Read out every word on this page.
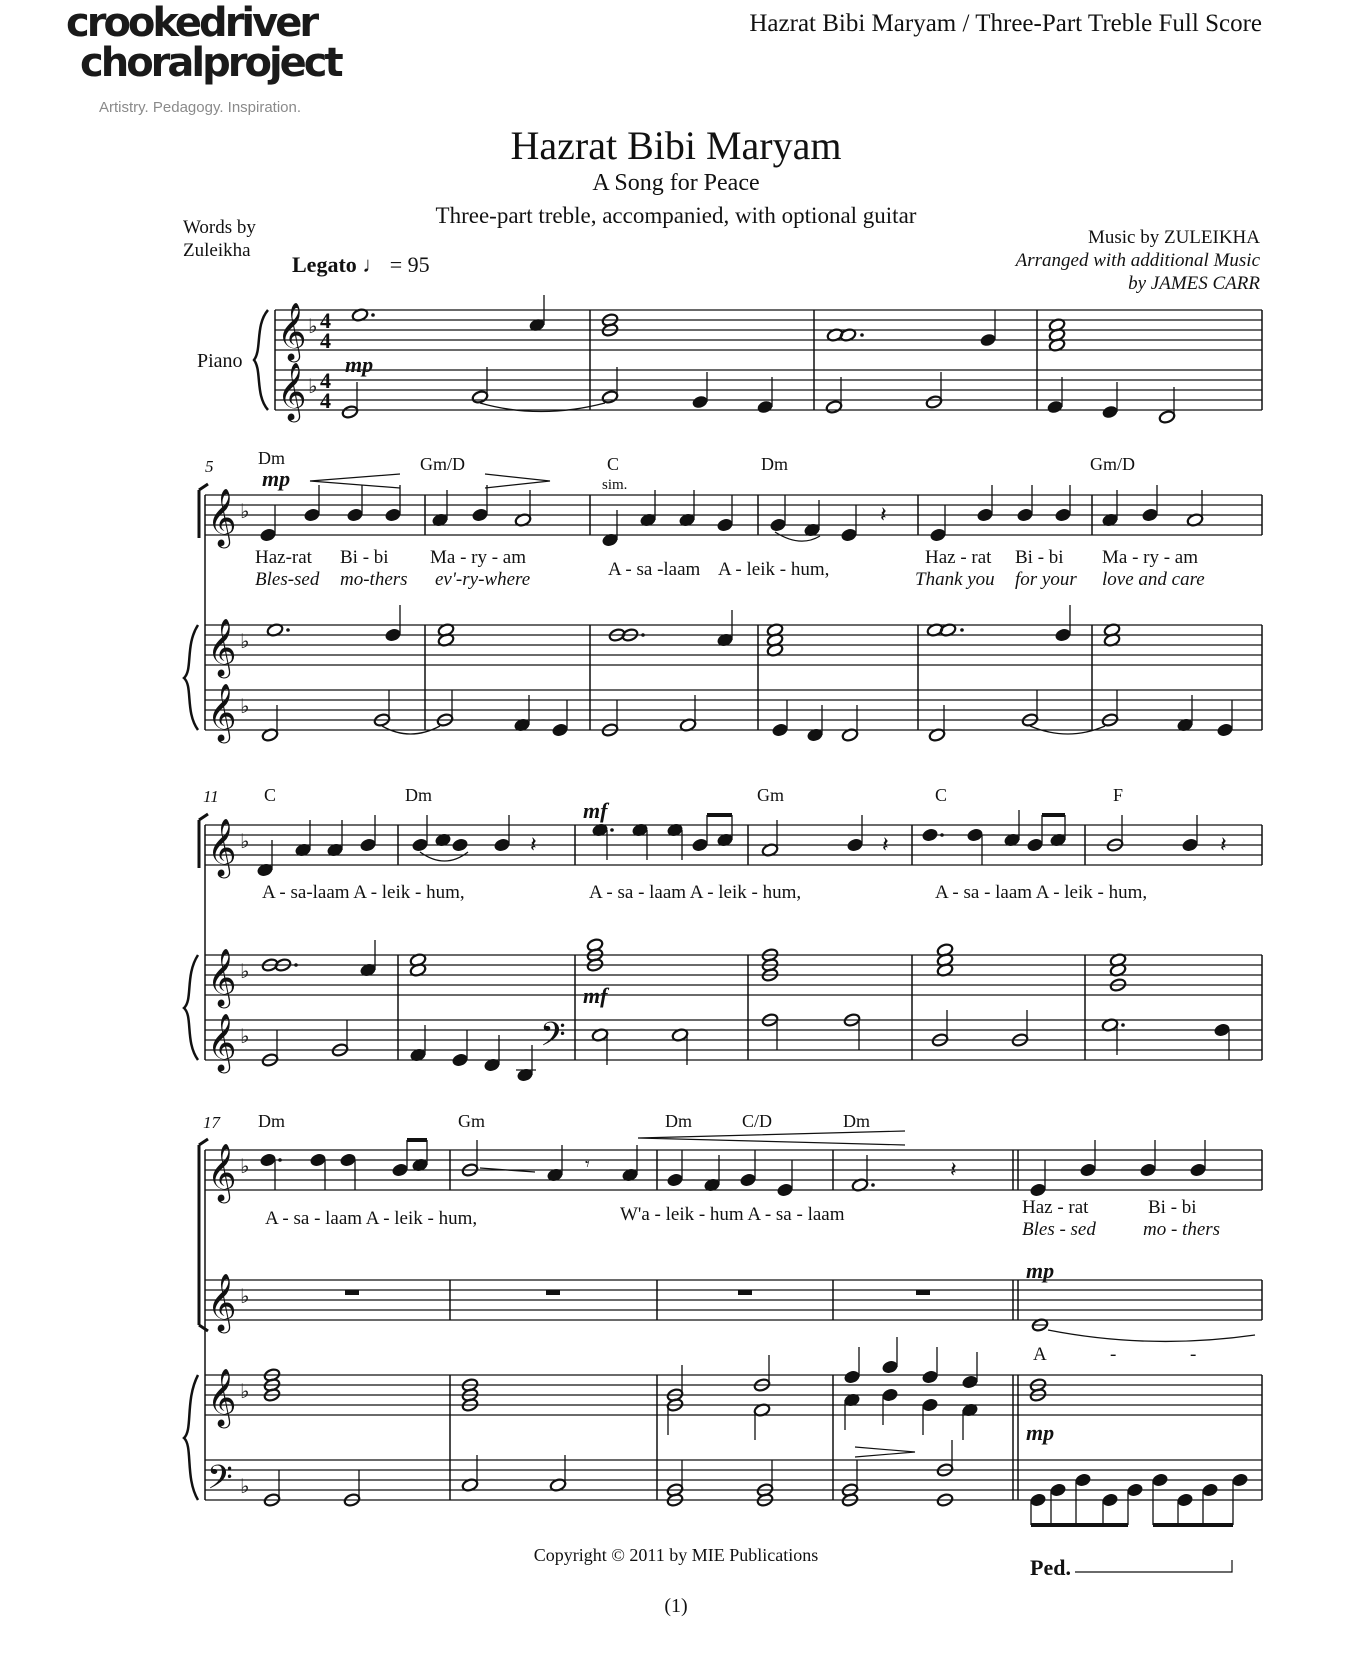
crookedriver
choralproject
Artistry. Pedagogy. Inspiration.
Hazrat Bibi Maryam / Three-Part Treble Full Score
Hazrat Bibi Maryam
A Song for Peace
Three-part treble, accompanied, with optional guitar
Words by
Zuleikha
Music by ZULEIKHA
Arranged with additional Music
by JAMES CARR
Legato ♩ = 95
Piano
𝄞
𝄞
♭
♭
4
4
4
4
mp
5
𝄞
𝄞
𝄞
♭
♭
♭
Dm	Gm/D	C	Dm	Gm/D
mp	sim.
𝄽
Haz-rat Bi - bi Ma - ry - am
A - sa -laam A - leik - hum,
Haz - rat Bi - bi Ma - ry - am
Bles-sed mo-thers ev'-ry-where	Thank you for your love and care
11
𝄞
𝄞
𝄞
♭
♭
♭	𝄢
C	Dm	Gm	C	F
mf
mf
𝄽	𝄽	𝄽
A - sa-laam A - leik - hum,	A - sa - laam A - leik - hum,	A - sa - laam A - leik - hum,
17
𝄞
𝄞
𝄞
𝄢
♭
♭
♭
♭
Dm	Gm	Dm	C/D	Dm
𝄾	𝄽
A - sa - laam A - leik - hum,	W'a - leik - hum A - sa - laam	Haz - rat	Bi - bi
Bles - sed mo - thers
mp
A	-	-
mp
Ped.
Copyright © 2011 by MIE Publications
(1)
